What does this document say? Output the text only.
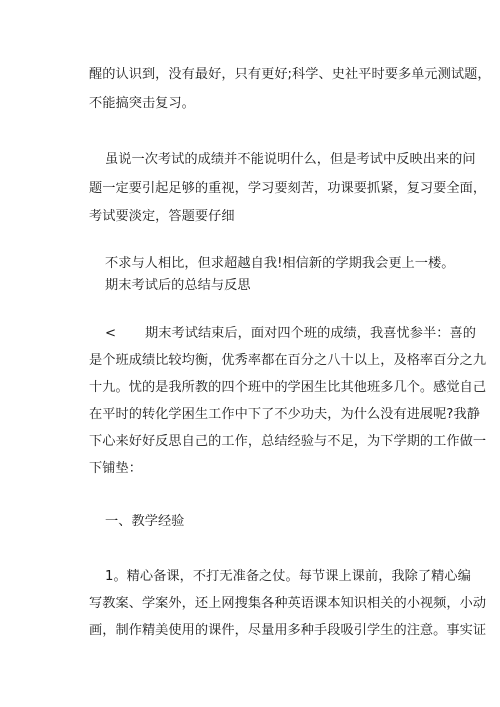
醒的认识到，没有最好，只有更好;科学、史社平时要多单元测试题，
不能搞突击复习。
虽说一次考试的成绩并不能说明什么，但是考试中反映出来的问
题一定要引起足够的重视，学习要刻苦，功课要抓紧，复习要全面，
考试要淡定，答题要仔细
不求与人相比，但求超越自我!相信新的学期我会更上一楼。
期末考试后的总结与反思
< 期末考试结束后，面对四个班的成绩，我喜忧参半：喜的
是个班成绩比较均衡，优秀率都在百分之八十以上，及格率百分之九
十九。忧的是我所教的四个班中的学困生比其他班多几个。感觉自己
在平时的转化学困生工作中下了不少功夫，为什么没有进展呢?我静
下心来好好反思自己的工作，总结经验与不足，为下学期的工作做一
下铺垫：
一、教学经验
1。精心备课，不打无准备之仗。每节课上课前，我除了精心编
写教案、学案外，还上网搜集各种英语课本知识相关的小视频，小动
画，制作精美使用的课件，尽量用多种手段吸引学生的注意。事实证
